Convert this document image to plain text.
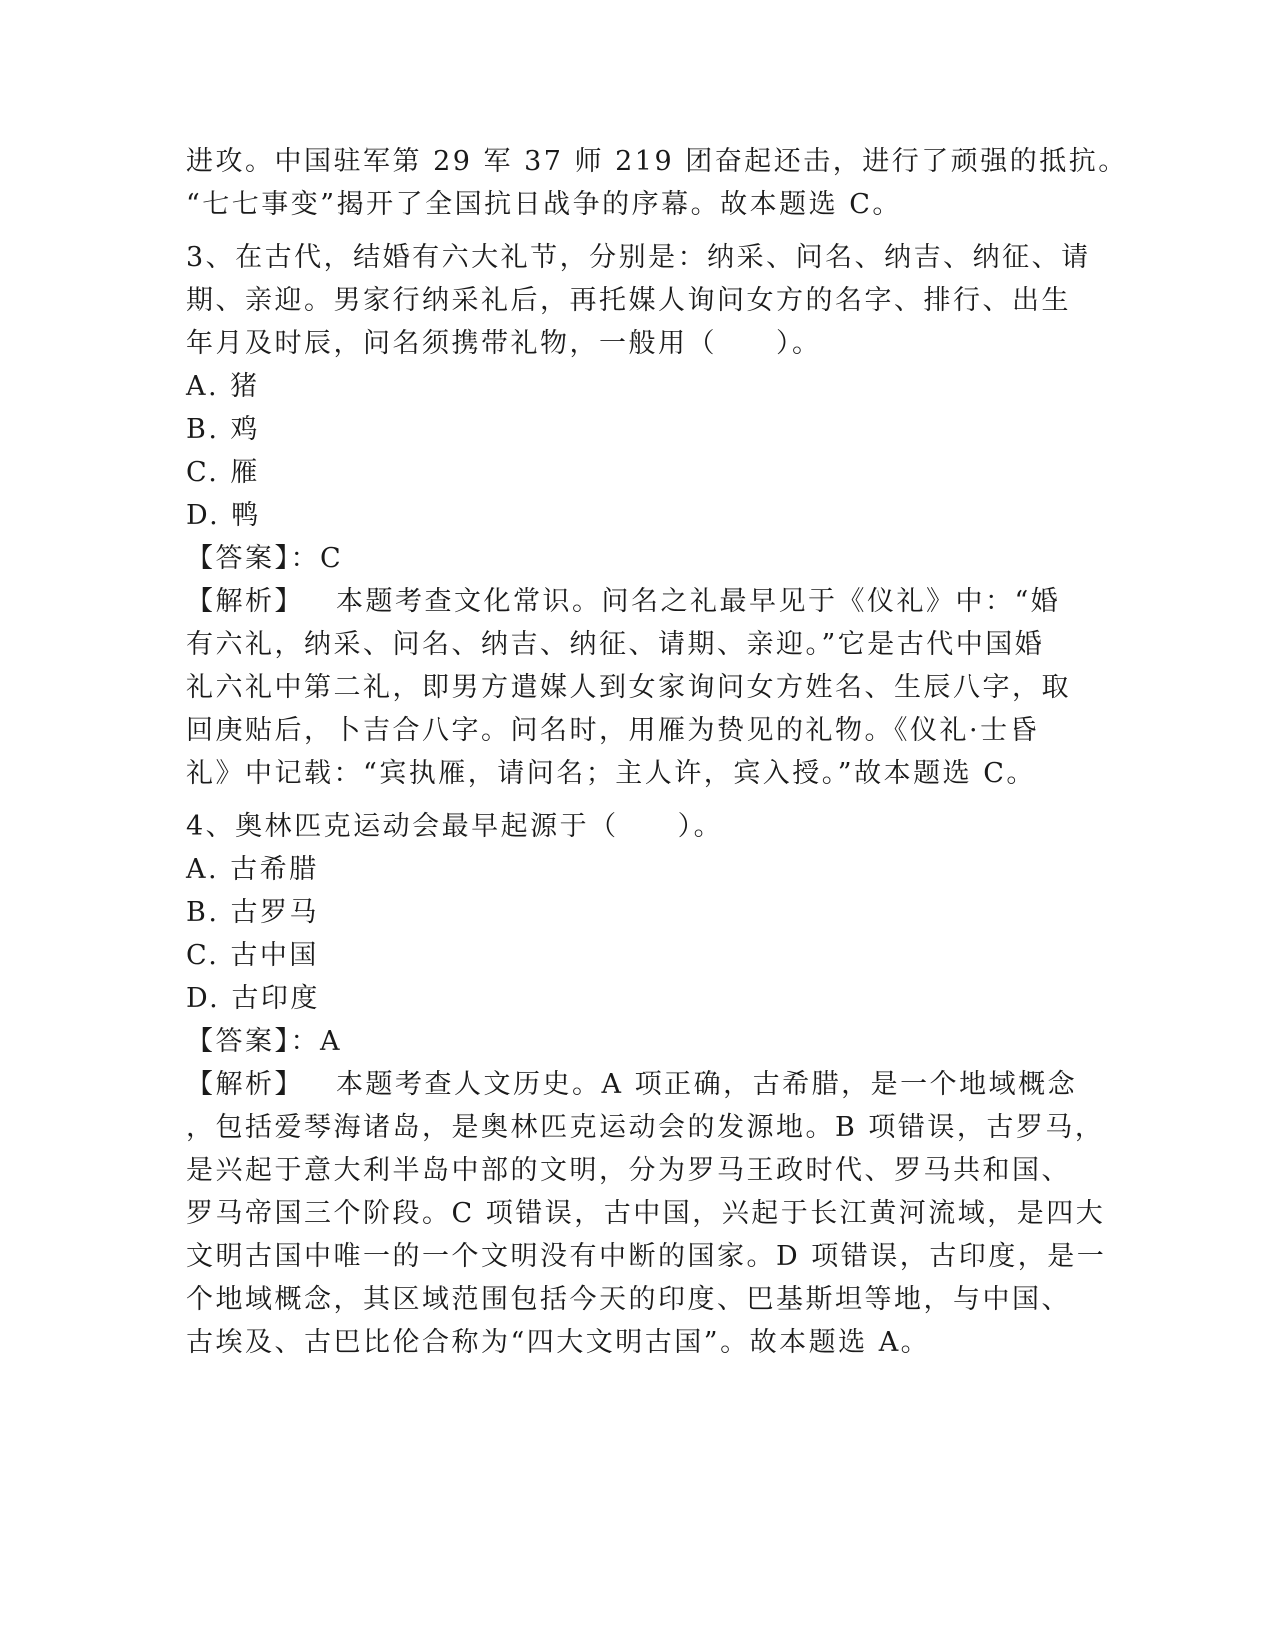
进攻。中国驻军第 29 军 37 师 219 团奋起还击，进行了顽强的抵抗。
“七七事变”揭开了全国抗日战争的序幕。故本题选 C。
3、在古代，结婚有六大礼节，分别是：纳采、问名、纳吉、纳征、请
期、亲迎。男家行纳采礼后，再托媒人询问女方的名字、排行、出生
年月及时辰，问名须携带礼物，一般用（　　）。
A. 猪
B. 鸡
C. 雁
D. 鸭
【答案】：C
【解析】 本题考查文化常识。问名之礼最早见于《仪礼》中：“婚
有六礼，纳采、问名、纳吉、纳征、请期、亲迎。”它是古代中国婚
礼六礼中第二礼，即男方遣媒人到女家询问女方姓名、生辰八字，取
回庚贴后，卜吉合八字。问名时，用雁为贽见的礼物。《仪礼·士昏
礼》中记载：“宾执雁，请问名；主人许，宾入授。”故本题选 C。
4、奥林匹克运动会最早起源于（　　）。
A. 古希腊
B. 古罗马
C. 古中国
D. 古印度
【答案】：A
【解析】 本题考查人文历史。A 项正确，古希腊，是一个地域概念
，包括爱琴海诸岛，是奥林匹克运动会的发源地。B 项错误，古罗马，
是兴起于意大利半岛中部的文明，分为罗马王政时代、罗马共和国、
罗马帝国三个阶段。C 项错误，古中国，兴起于长江黄河流域，是四大
文明古国中唯一的一个文明没有中断的国家。D 项错误，古印度，是一
个地域概念，其区域范围包括今天的印度、巴基斯坦等地，与中国、
古埃及、古巴比伦合称为“四大文明古国”。故本题选 A。
